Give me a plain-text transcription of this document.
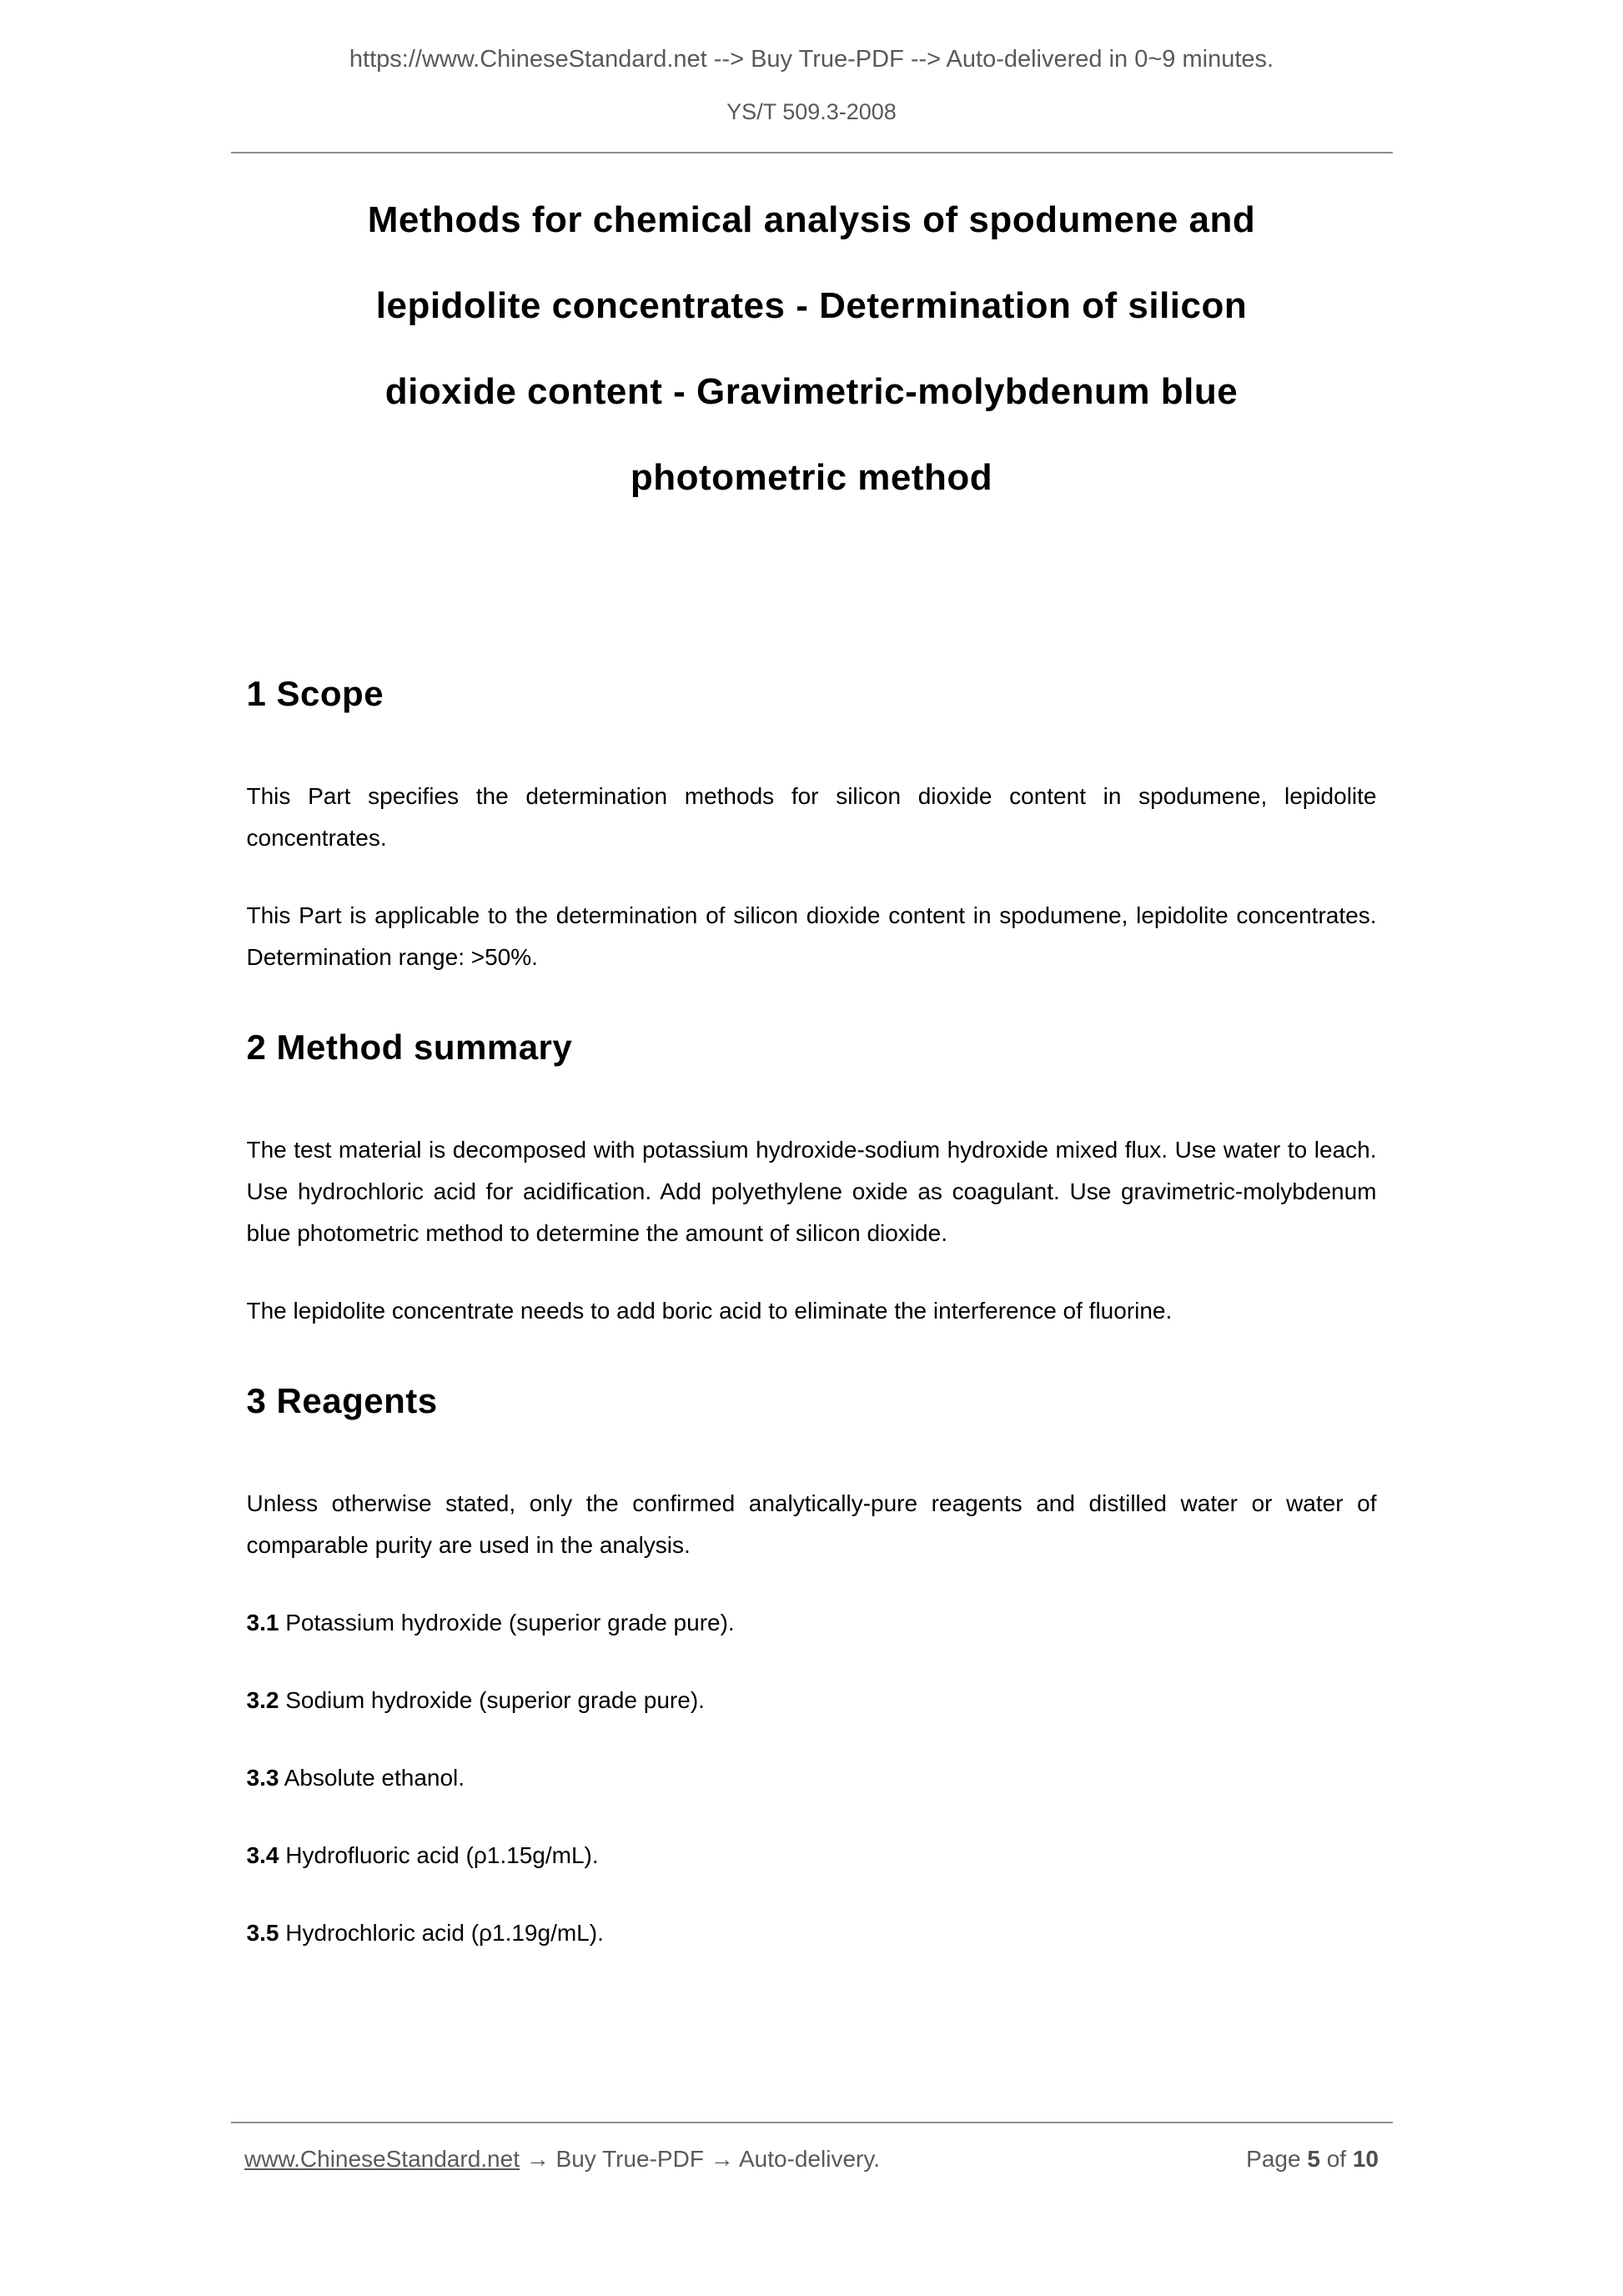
https://www.ChineseStandard.net --> Buy True-PDF --> Auto-delivered in 0~9 minutes.
YS/T 509.3-2008
Methods for chemical analysis of spodumene and
lepidolite concentrates - Determination of silicon
dioxide content - Gravimetric-molybdenum blue
photometric method
1 Scope

This Part specifies the determination methods for silicon dioxide content in spodumene, lepidolite concentrates.

This Part is applicable to the determination of silicon dioxide content in spodumene, lepidolite concentrates. Determination range: >50%.

2 Method summary

The test material is decomposed with potassium hydroxide-sodium hydroxide mixed flux. Use water to leach. Use hydrochloric acid for acidification. Add polyethylene oxide as coagulant. Use gravimetric-molybdenum blue photometric method to determine the amount of silicon dioxide.

The lepidolite concentrate needs to add boric acid to eliminate the interference of fluorine.

3 Reagents

Unless otherwise stated, only the confirmed analytically-pure reagents and distilled water or water of comparable purity are used in the analysis.

3.1 Potassium hydroxide (superior grade pure).

3.2 Sodium hydroxide (superior grade pure).

3.3 Absolute ethanol.

3.4 Hydrofluoric acid (ρ1.15g/mL).

3.5 Hydrochloric acid (ρ1.19g/mL).

www.ChineseStandard.net → Buy True-PDF → Auto-delivery.	Page 5 of 10
